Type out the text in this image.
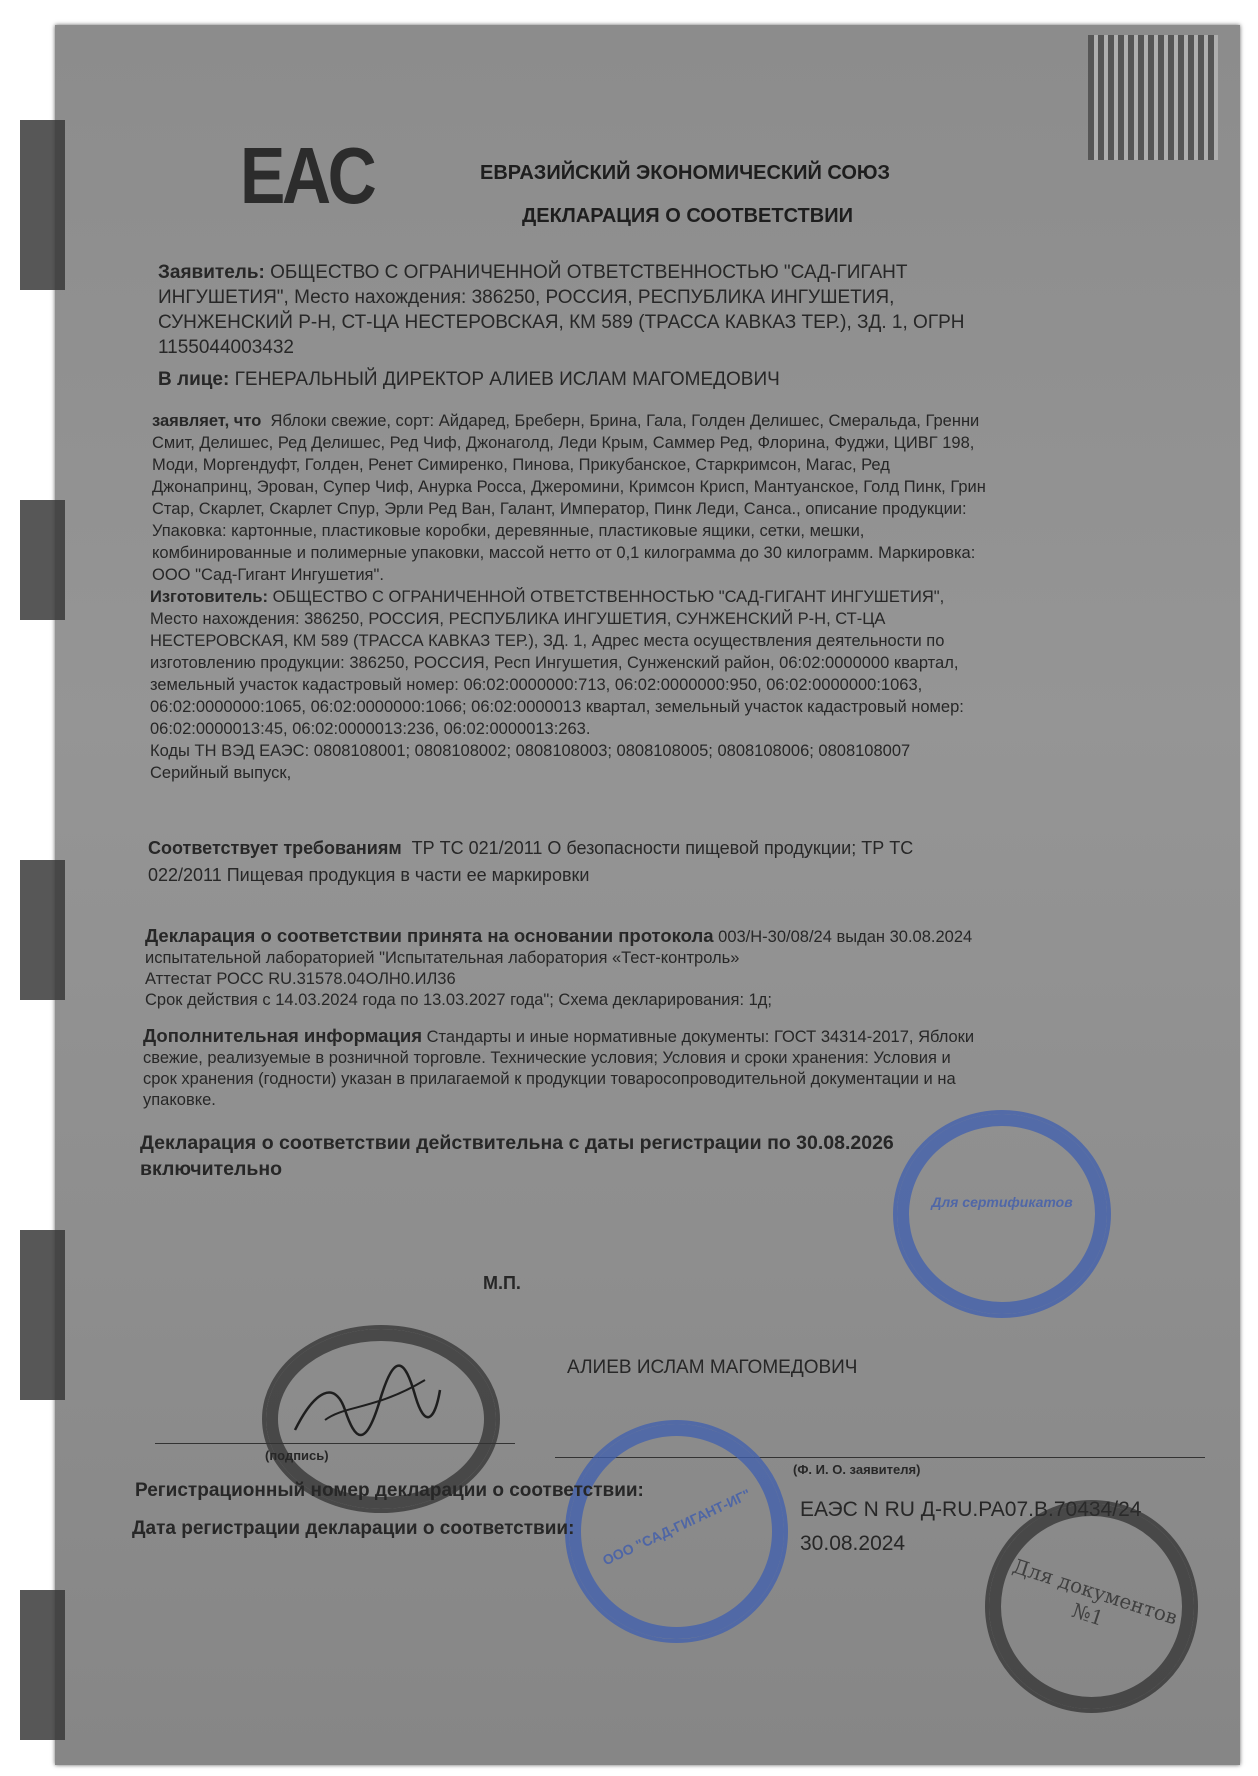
EAC	ЕВРАЗИЙСКИЙ ЭКОНОМИЧЕСКИЙ СОЮЗ
ДЕКЛАРАЦИЯ О СООТВЕТСТВИИ
Заявитель: ОБЩЕСТВО С ОГРАНИЧЕННОЙ ОТВЕТСТВЕННОСТЬЮ "САД-ГИГАНТ
ИНГУШЕТИЯ", Место нахождения: 386250, РОССИЯ, РЕСПУБЛИКА ИНГУШЕТИЯ,
СУНЖЕНСКИЙ Р-Н, СТ-ЦА НЕСТЕРОВСКАЯ, КМ 589 (ТРАССА КАВКАЗ ТЕР.), ЗД. 1, ОГРН
1155044003432
В лице: ГЕНЕРАЛЬНЫЙ ДИРЕКТОР АЛИЕВ ИСЛАМ МАГОМЕДОВИЧ
заявляет, что Яблоки свежие, сорт: Айдаред, Бреберн, Брина, Гала, Голден Делишес, Смеральда, Гренни
Смит, Делишес, Ред Делишес, Ред Чиф, Джонаголд, Леди Крым, Саммер Ред, Флорина, Фуджи, ЦИВГ 198,
Моди, Моргендуфт, Голден, Ренет Симиренко, Пинова, Прикубанское, Старкримсон, Магас, Ред
Джонапринц, Эрован, Супер Чиф, Анурка Росса, Джеромини, Кримсон Крисп, Мантуанское, Голд Пинк, Грин
Стар, Скарлет, Скарлет Спур, Эрли Ред Ван, Галант, Император, Пинк Леди, Санса., описание продукции:
Упаковка: картонные, пластиковые коробки, деревянные, пластиковые ящики, сетки, мешки,
комбинированные и полимерные упаковки, массой нетто от 0,1 килограмма до 30 килограмм. Маркировка:
ООО "Сад-Гигант Ингушетия".
Изготовитель: ОБЩЕСТВО С ОГРАНИЧЕННОЙ ОТВЕТСТВЕННОСТЬЮ "САД-ГИГАНТ ИНГУШЕТИЯ",
Место нахождения: 386250, РОССИЯ, РЕСПУБЛИКА ИНГУШЕТИЯ, СУНЖЕНСКИЙ Р-Н, СТ-ЦА
НЕСТЕРОВСКАЯ, КМ 589 (ТРАССА КАВКАЗ ТЕР.), ЗД. 1, Адрес места осуществления деятельности по
изготовлению продукции: 386250, РОССИЯ, Респ Ингушетия, Сунженский район, 06:02:0000000 квартал,
земельный участок кадастровый номер: 06:02:0000000:713, 06:02:0000000:950, 06:02:0000000:1063,
06:02:0000000:1065, 06:02:0000000:1066; 06:02:0000013 квартал, земельный участок кадастровый номер:
06:02:0000013:45, 06:02:0000013:236, 06:02:0000013:263.
Коды ТН ВЭД ЕАЭС: 0808108001; 0808108002; 0808108003; 0808108005; 0808108006; 0808108007
Серийный выпуск,
Соответствует требованиям ТР ТС 021/2011 О безопасности пищевой продукции; ТР ТС
022/2011 Пищевая продукция в части ее маркировки
Декларация о соответствии принята на основании протокола 003/Н-30/08/24 выдан 30.08.2024
испытательной лабораторией "Испытательная лаборатория «Тест-контроль»
Аттестат РОСС RU.31578.04ОЛН0.ИЛ36
Срок действия с 14.03.2024 года по 13.03.2027 года"; Схема декларирования: 1д;
Дополнительная информация Стандарты и иные нормативные документы: ГОСТ 34314-2017, Яблоки
свежие, реализуемые в розничной торговле. Технические условия; Условия и сроки хранения: Условия и
срок хранения (годности) указан в прилагаемой к продукции товаросопроводительной документации и на
упаковке.
Декларация о соответствии действительна с даты регистрации по 30.08.2026
включительно
Для сертификатов
М.П.
АЛИЕВ ИСЛАМ МАГОМЕДОВИЧ
(подпись)
(Ф. И. О. заявителя)
ООО "САД-ГИГАНТ-ИГ"
Регистрационный номер декларации о соответствии:
ЕАЭС N RU Д-RU.РА07.В.70434/24
Дата регистрации декларации о соответствии:
30.08.2024
Для документов №1
